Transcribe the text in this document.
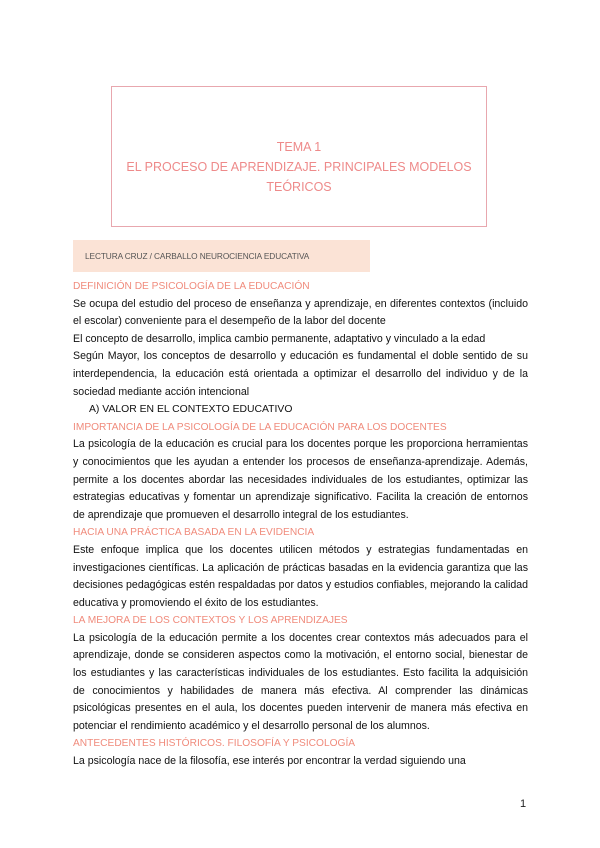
TEMA 1
EL PROCESO DE APRENDIZAJE. PRINCIPALES MODELOS
TEÓRICOS
LECTURA CRUZ / CARBALLO NEUROCIENCIA EDUCATIVA
DEFINICIÓN DE PSICOLOGÍA DE LA EDUCACIÓN
Se ocupa del estudio del proceso de enseñanza y aprendizaje, en diferentes contextos (incluido el escolar) conveniente para el desempeño de la labor del docente
El concepto de desarrollo, implica cambio permanente, adaptativo y vinculado a la edad
Según Mayor, los conceptos de desarrollo y educación es fundamental el doble sentido de su interdependencia, la educación está orientada a optimizar el desarrollo del individuo y de la sociedad mediante acción intencional
A) VALOR EN EL CONTEXTO EDUCATIVO
IMPORTANCIA DE LA PSICOLOGÍA DE LA EDUCACIÓN PARA LOS DOCENTES
La psicología de la educación es crucial para los docentes porque les proporciona herramientas y conocimientos que les ayudan a entender los procesos de enseñanza-aprendizaje. Además, permite a los docentes abordar las necesidades individuales de los estudiantes, optimizar las estrategias educativas y fomentar un aprendizaje significativo. Facilita la creación de entornos de aprendizaje que promueven el desarrollo integral de los estudiantes.
HACIA UNA PRÁCTICA BASADA EN LA EVIDENCIA
Este enfoque implica que los docentes utilicen métodos y estrategias fundamentadas en investigaciones científicas. La aplicación de prácticas basadas en la evidencia garantiza que las decisiones pedagógicas estén respaldadas por datos y estudios confiables, mejorando la calidad educativa y promoviendo el éxito de los estudiantes.
LA MEJORA DE LOS CONTEXTOS Y LOS APRENDIZAJES
La psicología de la educación permite a los docentes crear contextos más adecuados para el aprendizaje, donde se consideren aspectos como la motivación, el entorno social, bienestar de los estudiantes y las características individuales de los estudiantes. Esto facilita la adquisición de conocimientos y habilidades de manera más efectiva. Al comprender las dinámicas psicológicas presentes en el aula, los docentes pueden intervenir de manera más efectiva en potenciar el rendimiento académico y el desarrollo personal de los alumnos.
ANTECEDENTES HISTÓRICOS. FILOSOFÍA Y PSICOLOGÍA
La psicología nace de la filosofía, ese interés por encontrar la verdad siguiendo una
1
